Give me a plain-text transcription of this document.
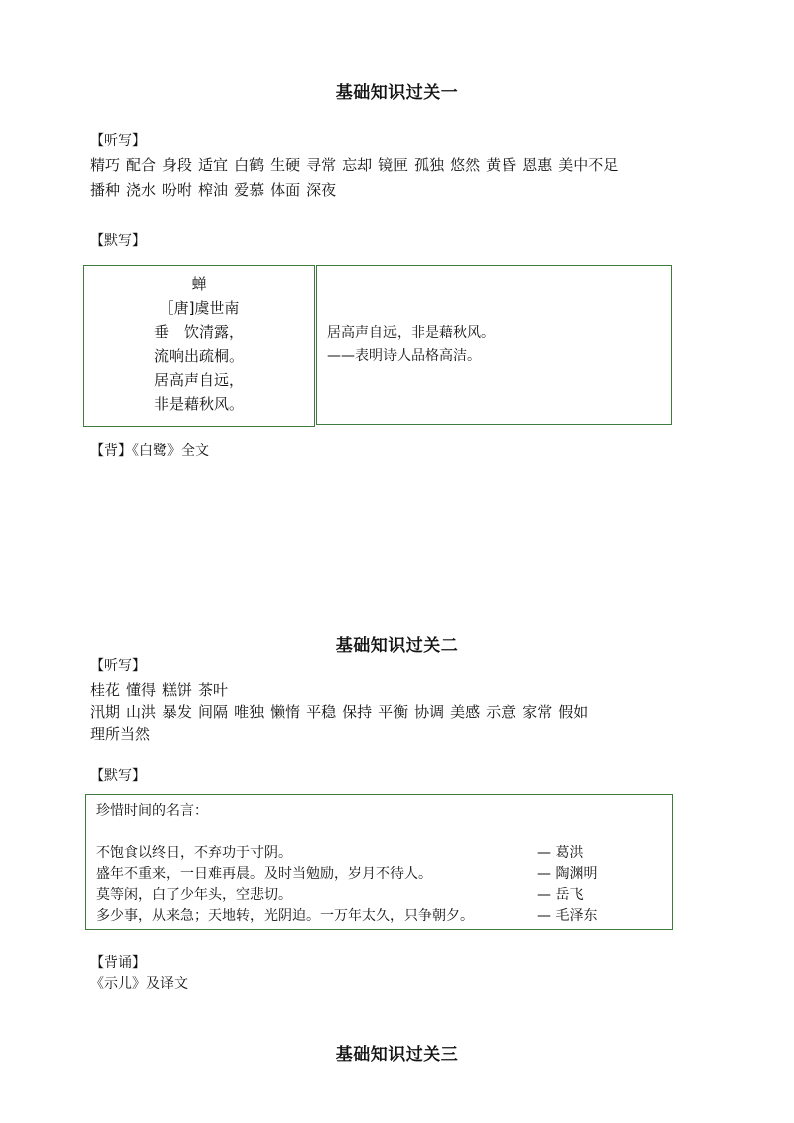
基础知识过关一
【听写】
精巧 配合 身段 适宜 白鹤 生硬 寻常 忘却 镜匣 孤独 悠然 黄昏 恩惠 美中不足
播种 浇水 吩咐 榨油 爱慕 体面 深夜
【默写】
蝉
［唐]虞世南
垂　饮清露，
流响出疏桐。
居高声自远，
非是藉秋风。
居高声自远，非是藉秋风。
——表明诗人品格高洁。
【背】《白鹭》全文
基础知识过关二
【听写】
桂花 懂得 糕饼 茶叶
汛期 山洪 暴发 间隔 唯独 懒惰 平稳 保持 平衡 协调 美感 示意 家常 假如
理所当然
【默写】
珍惜时间的名言：
不饱食以终日，不弃功于寸阴。	— 葛洪
盛年不重来，一日难再晨。及时当勉励，岁月不待人。	— 陶渊明
莫等闲，白了少年头，空悲切。	— 岳飞
多少事，从来急；天地转，光阴迫。一万年太久，只争朝夕。	— 毛泽东
【背诵】
《示儿》及译文
基础知识过关三
